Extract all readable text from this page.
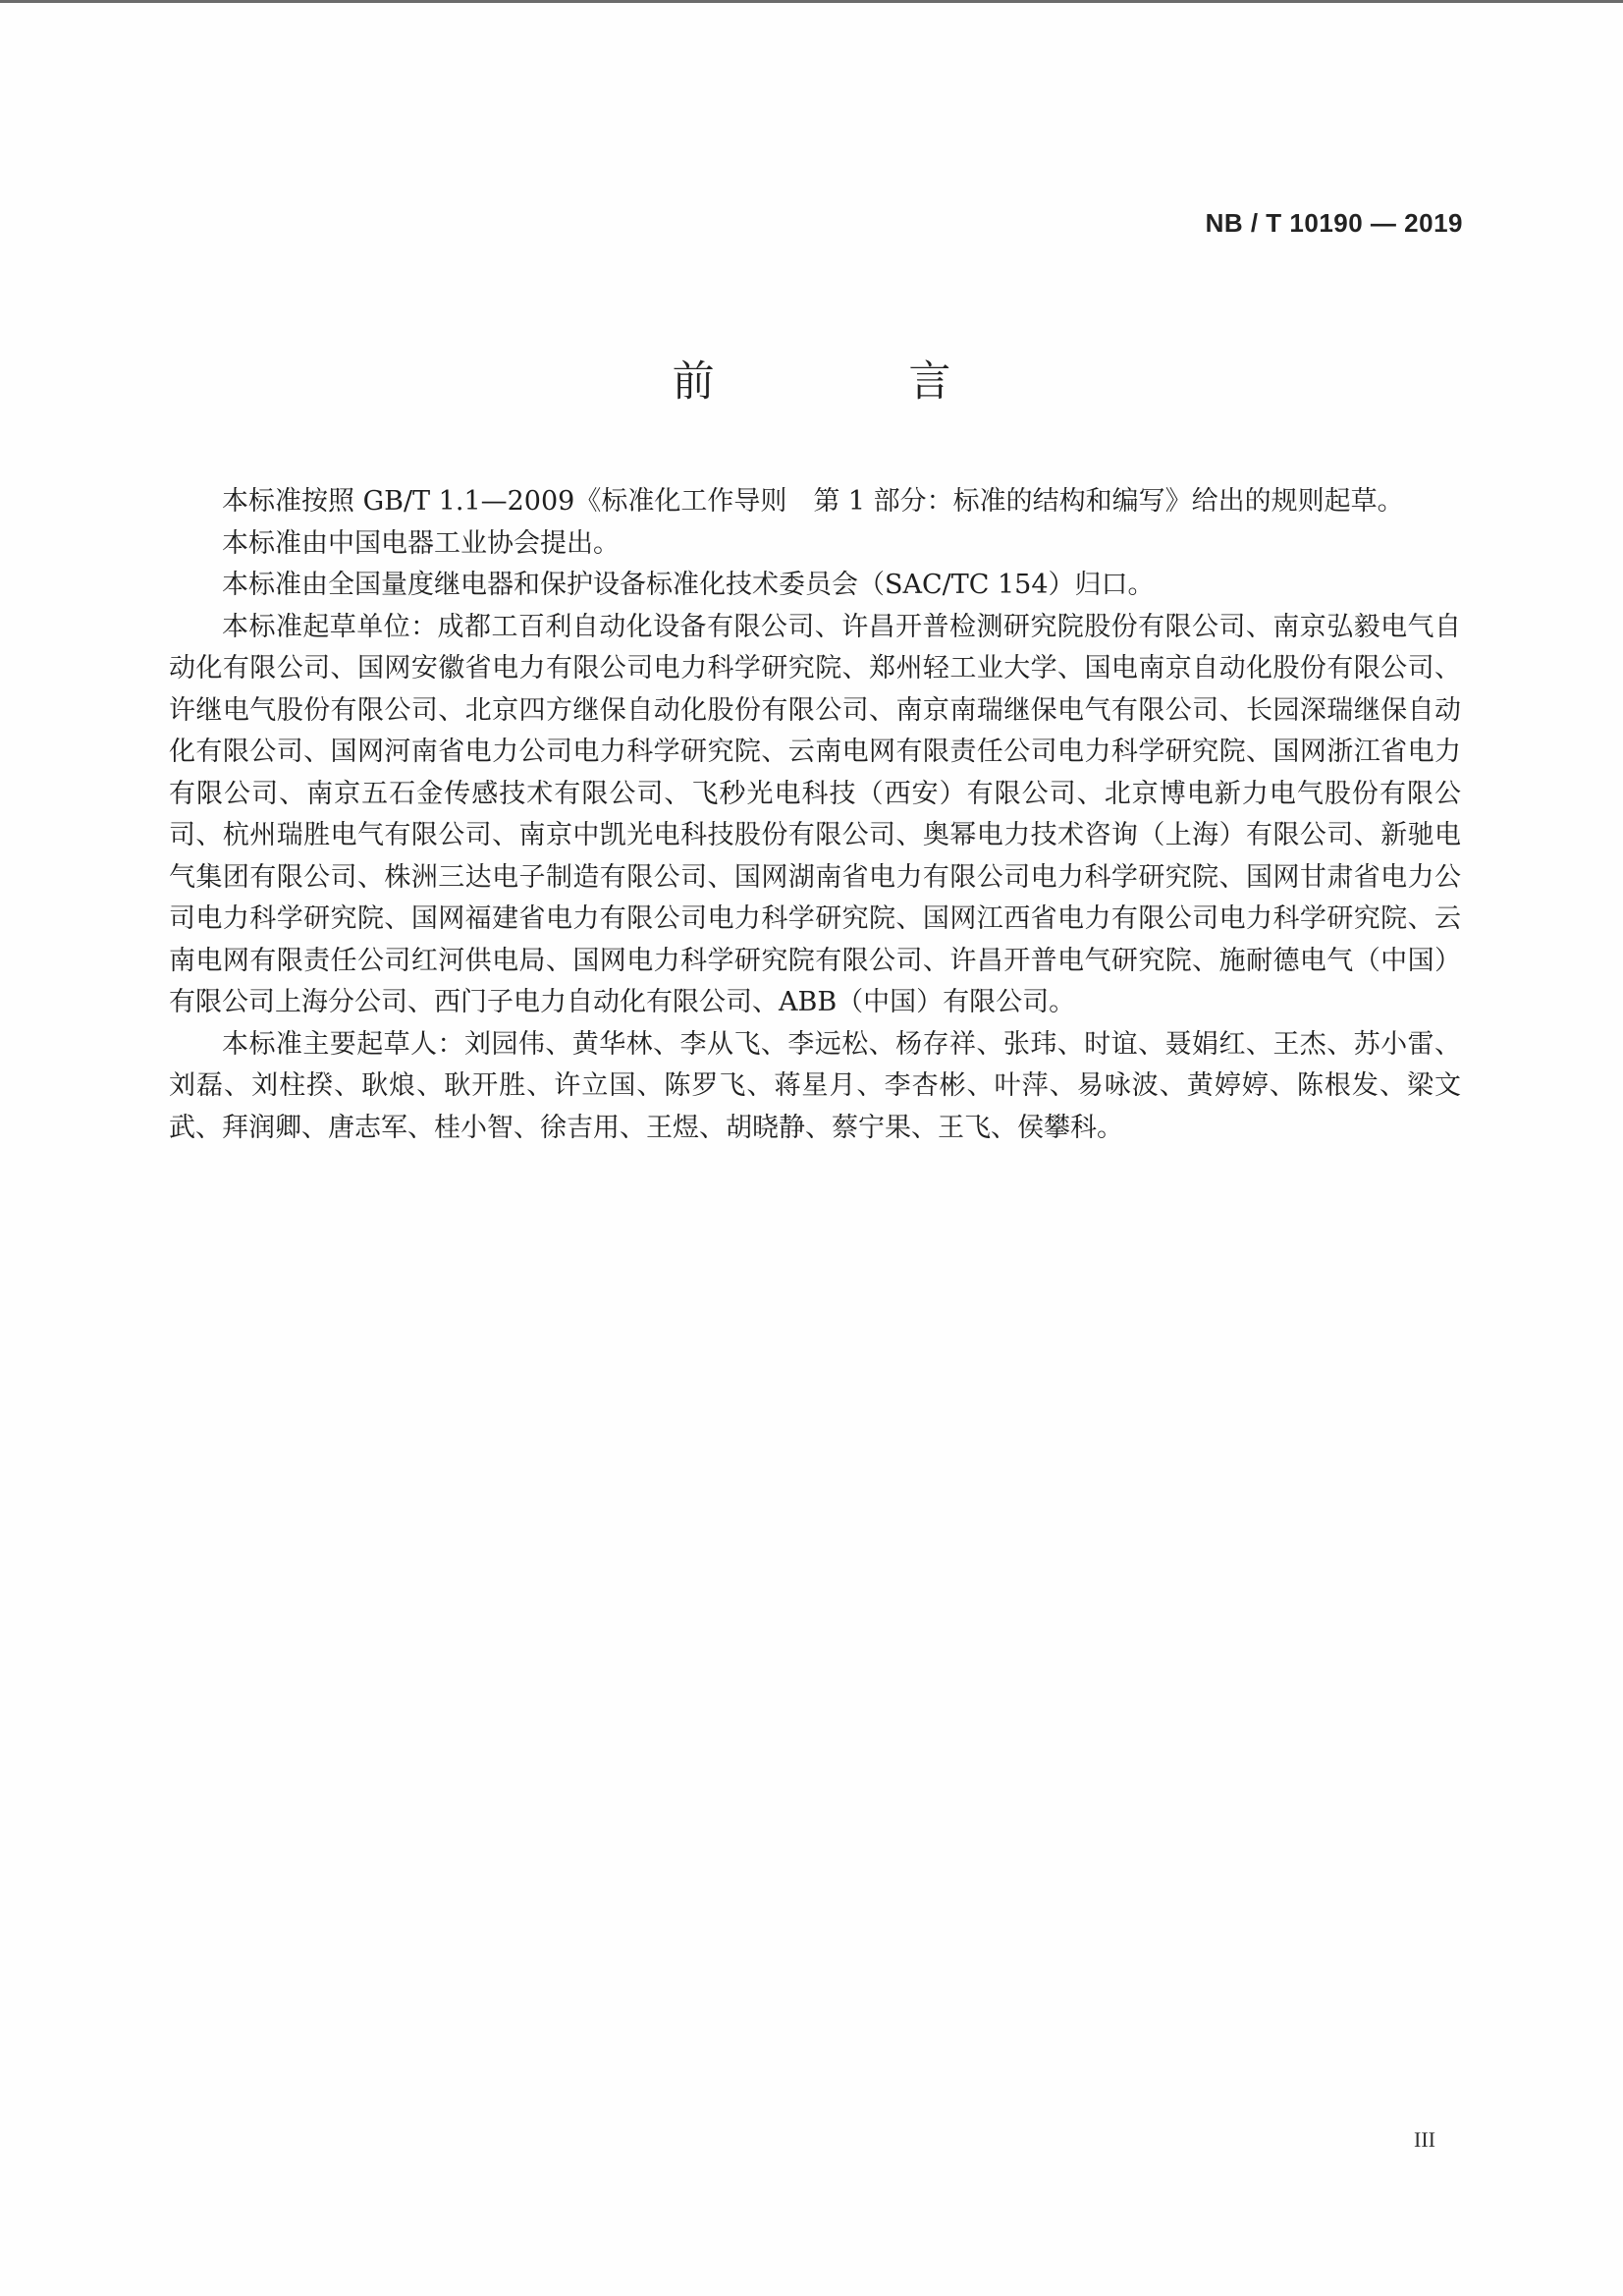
NB / T 10190 — 2019
前 言

本标准按照 GB/T 1.1—2009《标准化工作导则　第 1 部分：标准的结构和编写》给出的规则起草。

本标准由中国电器工业协会提出。

本标准由全国量度继电器和保护设备标准化技术委员会（SAC/TC 154）归口。

本标准起草单位：成都工百利自动化设备有限公司、许昌开普检测研究院股份有限公司、南京弘毅电气自动化有限公司、国网安徽省电力有限公司电力科学研究院、郑州轻工业大学、国电南京自动化股份有限公司、许继电气股份有限公司、北京四方继保自动化股份有限公司、南京南瑞继保电气有限公司、长园深瑞继保自动化有限公司、国网河南省电力公司电力科学研究院、云南电网有限责任公司电力科学研究院、国网浙江省电力有限公司、南京五石金传感技术有限公司、飞秒光电科技（西安）有限公司、北京博电新力电气股份有限公司、杭州瑞胜电气有限公司、南京中凯光电科技股份有限公司、奥幂电力技术咨询（上海）有限公司、新驰电气集团有限公司、株洲三达电子制造有限公司、国网湖南省电力有限公司电力科学研究院、国网甘肃省电力公司电力科学研究院、国网福建省电力有限公司电力科学研究院、国网江西省电力有限公司电力科学研究院、云南电网有限责任公司红河供电局、国网电力科学研究院有限公司、许昌开普电气研究院、施耐德电气（中国）有限公司上海分公司、西门子电力自动化有限公司、ABB（中国）有限公司。

本标准主要起草人：刘园伟、黄华林、李从飞、李远松、杨存祥、张玮、时谊、聂娟红、王杰、苏小雷、刘磊、刘柱揆、耿烺、耿开胜、许立国、陈罗飞、蒋星月、李杏彬、叶萍、易咏波、黄婷婷、陈根发、梁文武、拜润卿、唐志军、桂小智、徐吉用、王煜、胡晓静、蔡宁果、王飞、侯攀科。

III
